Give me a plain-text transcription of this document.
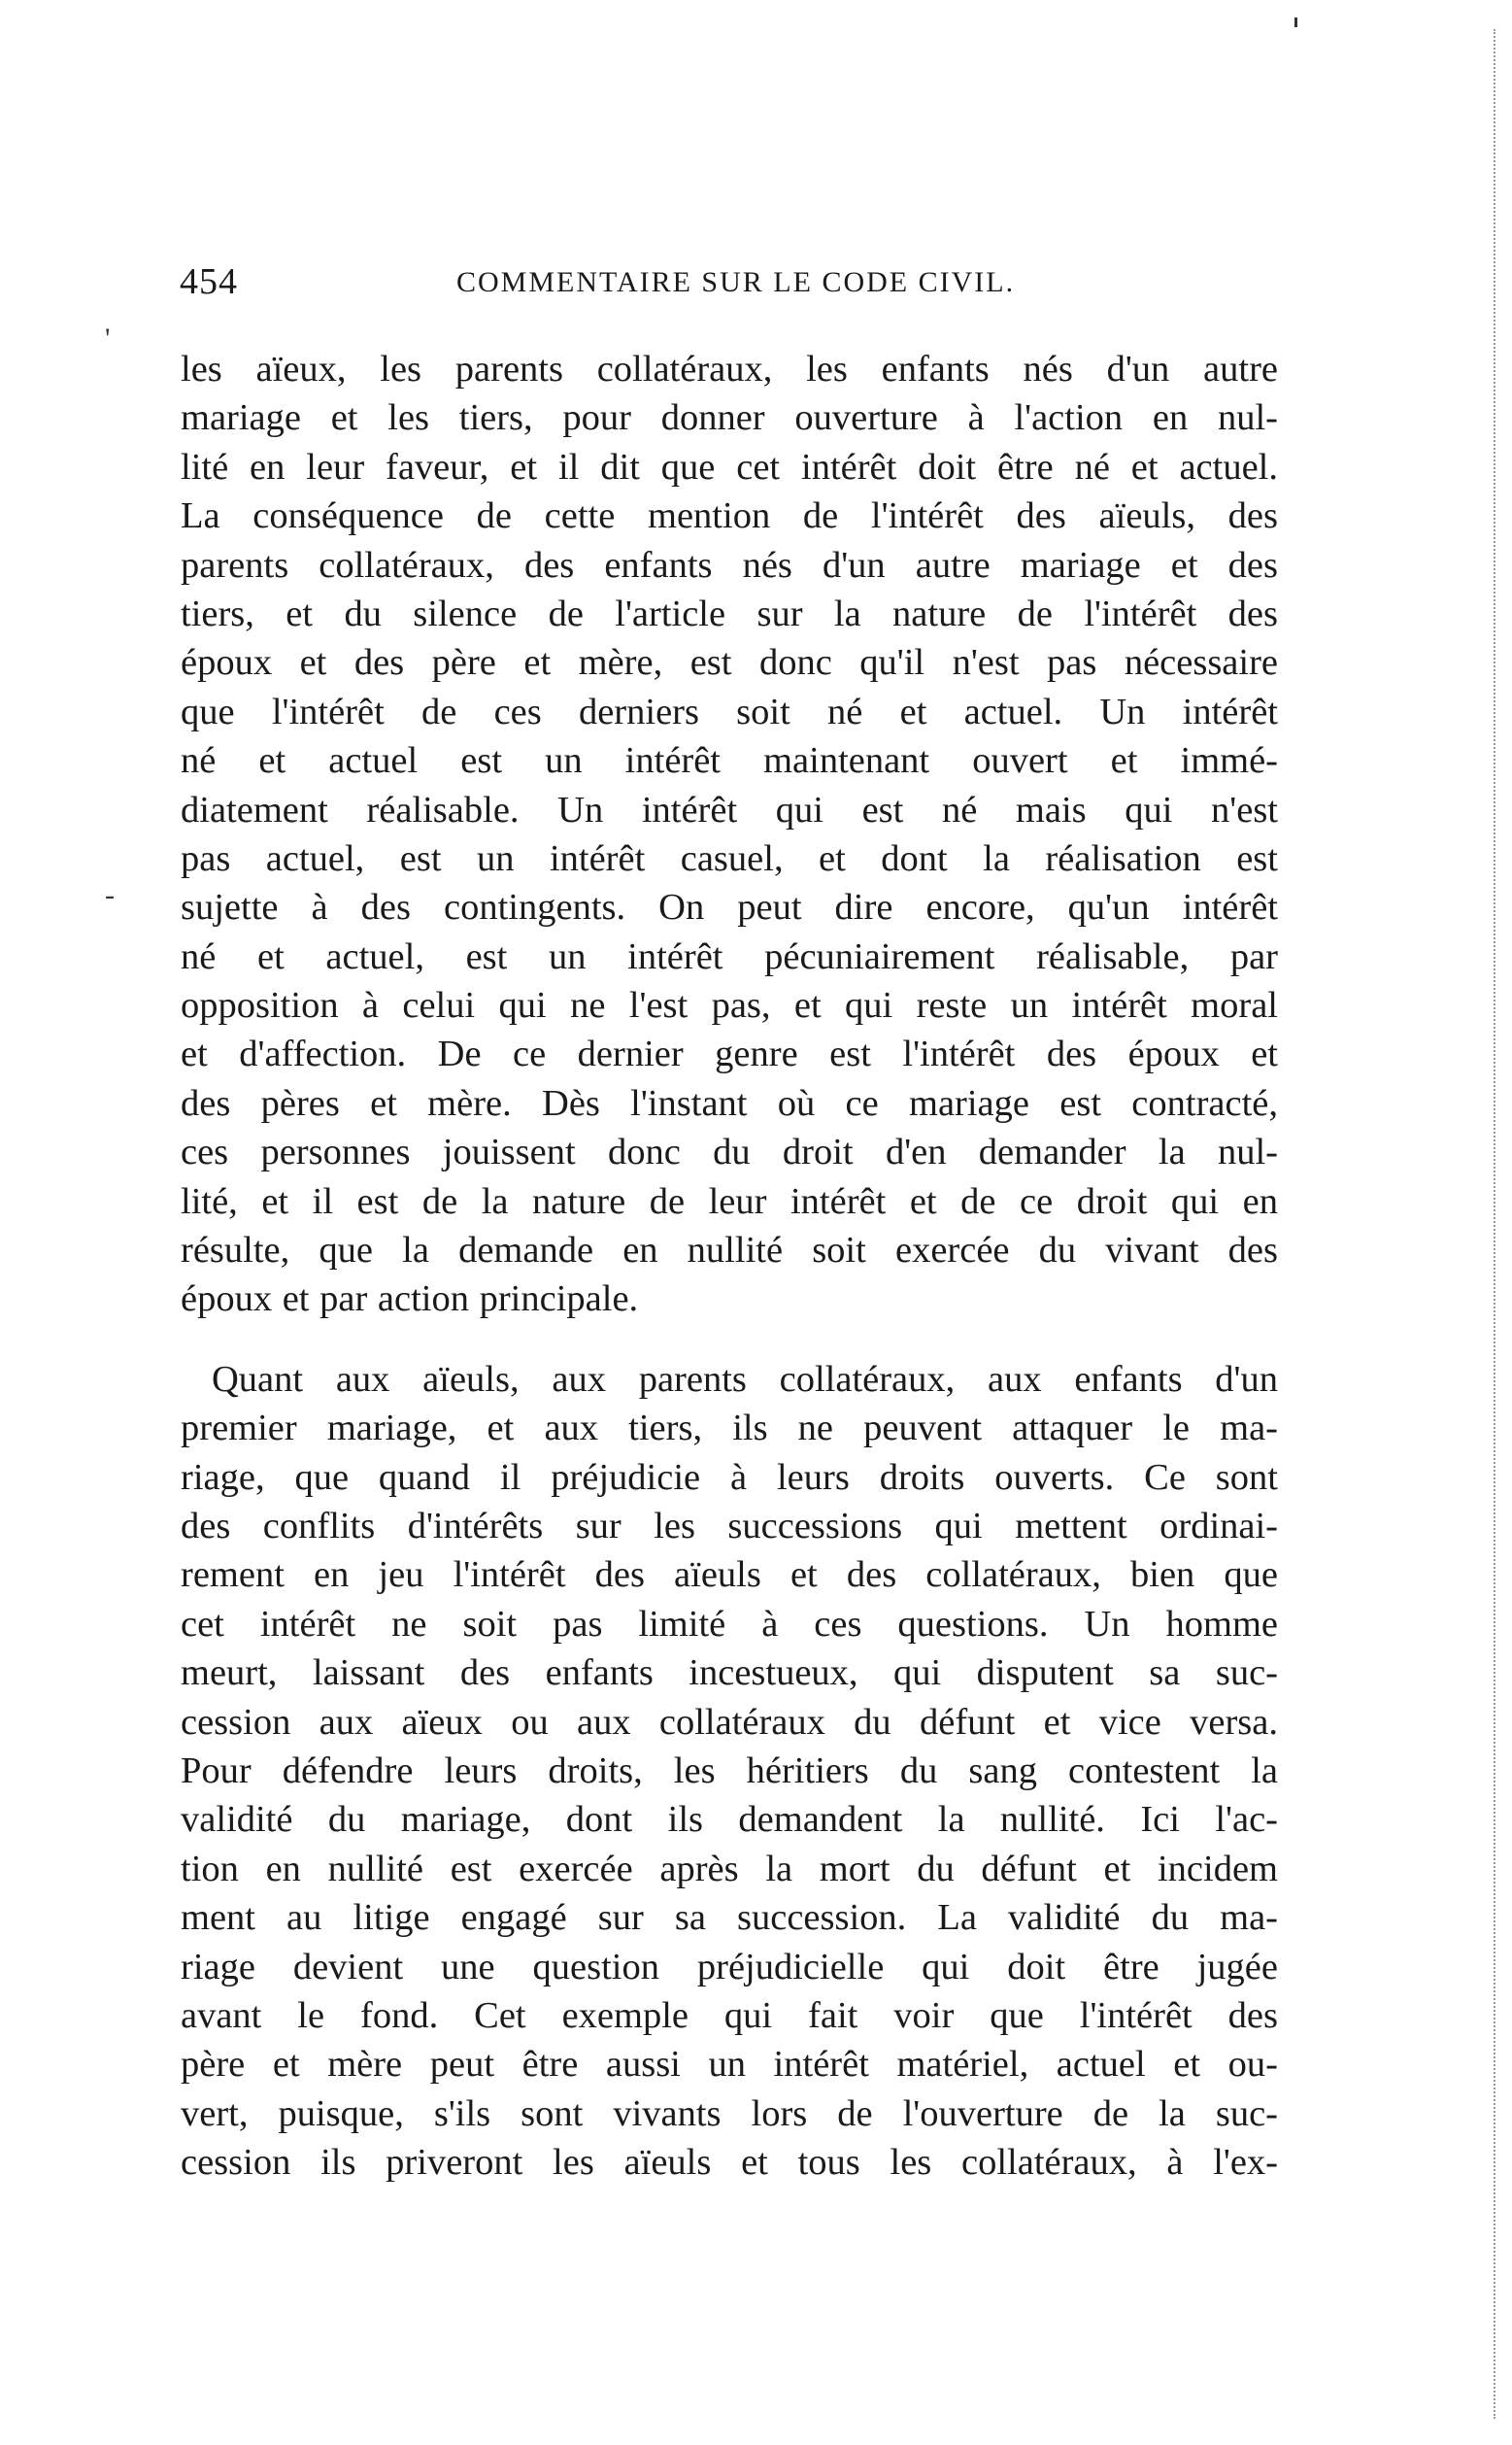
454	COMMENTAIRE SUR LE CODE CIVIL.
'
-
les aïeux, les parents collatéraux, les enfants nés d'un autre
mariage et les tiers, pour donner ouverture à l'action en nul-
lité en leur faveur, et il dit que cet intérêt doit être né et actuel.
La conséquence de cette mention de l'intérêt des aïeuls, des
parents collatéraux, des enfants nés d'un autre mariage et des
tiers, et du silence de l'article sur la nature de l'intérêt des
époux et des père et mère, est donc qu'il n'est pas nécessaire
que l'intérêt de ces derniers soit né et actuel. Un intérêt
né et actuel est un intérêt maintenant ouvert et immé-
diatement réalisable. Un intérêt qui est né mais qui n'est
pas actuel, est un intérêt casuel, et dont la réalisation est
sujette à des contingents. On peut dire encore, qu'un intérêt
né et actuel, est un intérêt pécuniairement réalisable, par
opposition à celui qui ne l'est pas, et qui reste un intérêt moral
et d'affection. De ce dernier genre est l'intérêt des époux et
des pères et mère. Dès l'instant où ce mariage est contracté,
ces personnes jouissent donc du droit d'en demander la nul-
lité, et il est de la nature de leur intérêt et de ce droit qui en
résulte, que la demande en nullité soit exercée du vivant des
époux et par action principale.
Quant aux aïeuls, aux parents collatéraux, aux enfants d'un
premier mariage, et aux tiers, ils ne peuvent attaquer le ma-
riage, que quand il préjudicie à leurs droits ouverts. Ce sont
des conflits d'intérêts sur les successions qui mettent ordinai-
rement en jeu l'intérêt des aïeuls et des collatéraux, bien que
cet intérêt ne soit pas limité à ces questions. Un homme
meurt, laissant des enfants incestueux, qui disputent sa suc-
cession aux aïeux ou aux collatéraux du défunt et vice versa.
Pour défendre leurs droits, les héritiers du sang contestent la
validité du mariage, dont ils demandent la nullité. Ici l'ac-
tion en nullité est exercée après la mort du défunt et incidem
ment au litige engagé sur sa succession. La validité du ma-
riage devient une question préjudicielle qui doit être jugée
avant le fond. Cet exemple qui fait voir que l'intérêt des
père et mère peut être aussi un intérêt matériel, actuel et ou-
vert, puisque, s'ils sont vivants lors de l'ouverture de la suc-
cession ils priveront les aïeuls et tous les collatéraux, à l'ex-
